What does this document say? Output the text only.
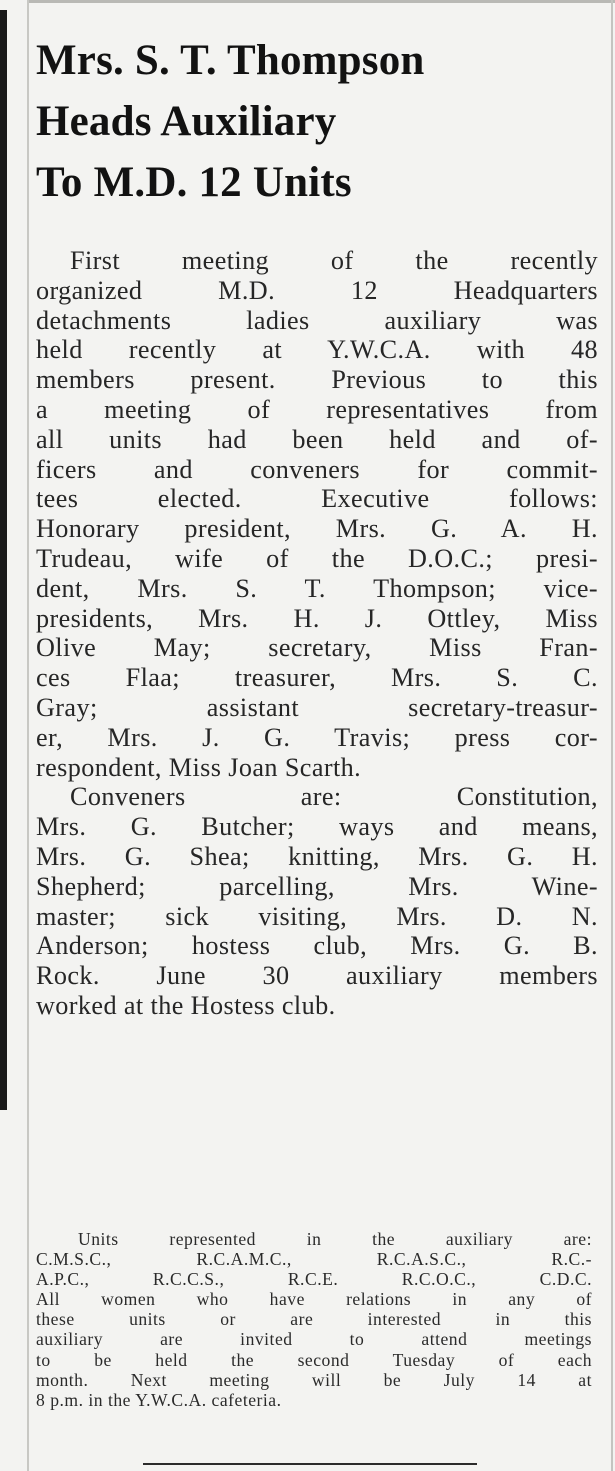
Mrs. S. T. Thompson
Heads Auxiliary
To M.D. 12 Units
First meeting of the recently
organized M.D. 12 Headquarters
detachments ladies auxiliary was
held recently at Y.W.C.A. with 48
members present. Previous to this
a meeting of representatives from
all units had been held and of-
ficers and conveners for commit-
tees elected. Executive follows:
Honorary president, Mrs. G. A. H.
Trudeau, wife of the D.O.C.; presi-
dent, Mrs. S. T. Thompson; vice-
presidents, Mrs. H. J. Ottley, Miss
Olive May; secretary, Miss Fran-
ces Flaa; treasurer, Mrs. S. C.
Gray; assistant secretary-treasur-
er, Mrs. J. G. Travis; press cor-
respondent, Miss Joan Scarth.
Conveners are: Constitution,
Mrs. G. Butcher; ways and means,
Mrs. G. Shea; knitting, Mrs. G. H.
Shepherd; parcelling, Mrs. Wine-
master; sick visiting, Mrs. D. N.
Anderson; hostess club, Mrs. G. B.
Rock. June 30 auxiliary members
worked at the Hostess club.
Units represented in the auxiliary are:
C.M.S.C., R.C.A.M.C., R.C.A.S.C., R.C.-
A.P.C., R.C.C.S., R.C.E. R.C.O.C., C.D.C.
All women who have relations in any of
these units or are interested in this
auxiliary are invited to attend meetings
to be held the second Tuesday of each
month. Next meeting will be July 14 at
8 p.m. in the Y.W.C.A. cafeteria.
